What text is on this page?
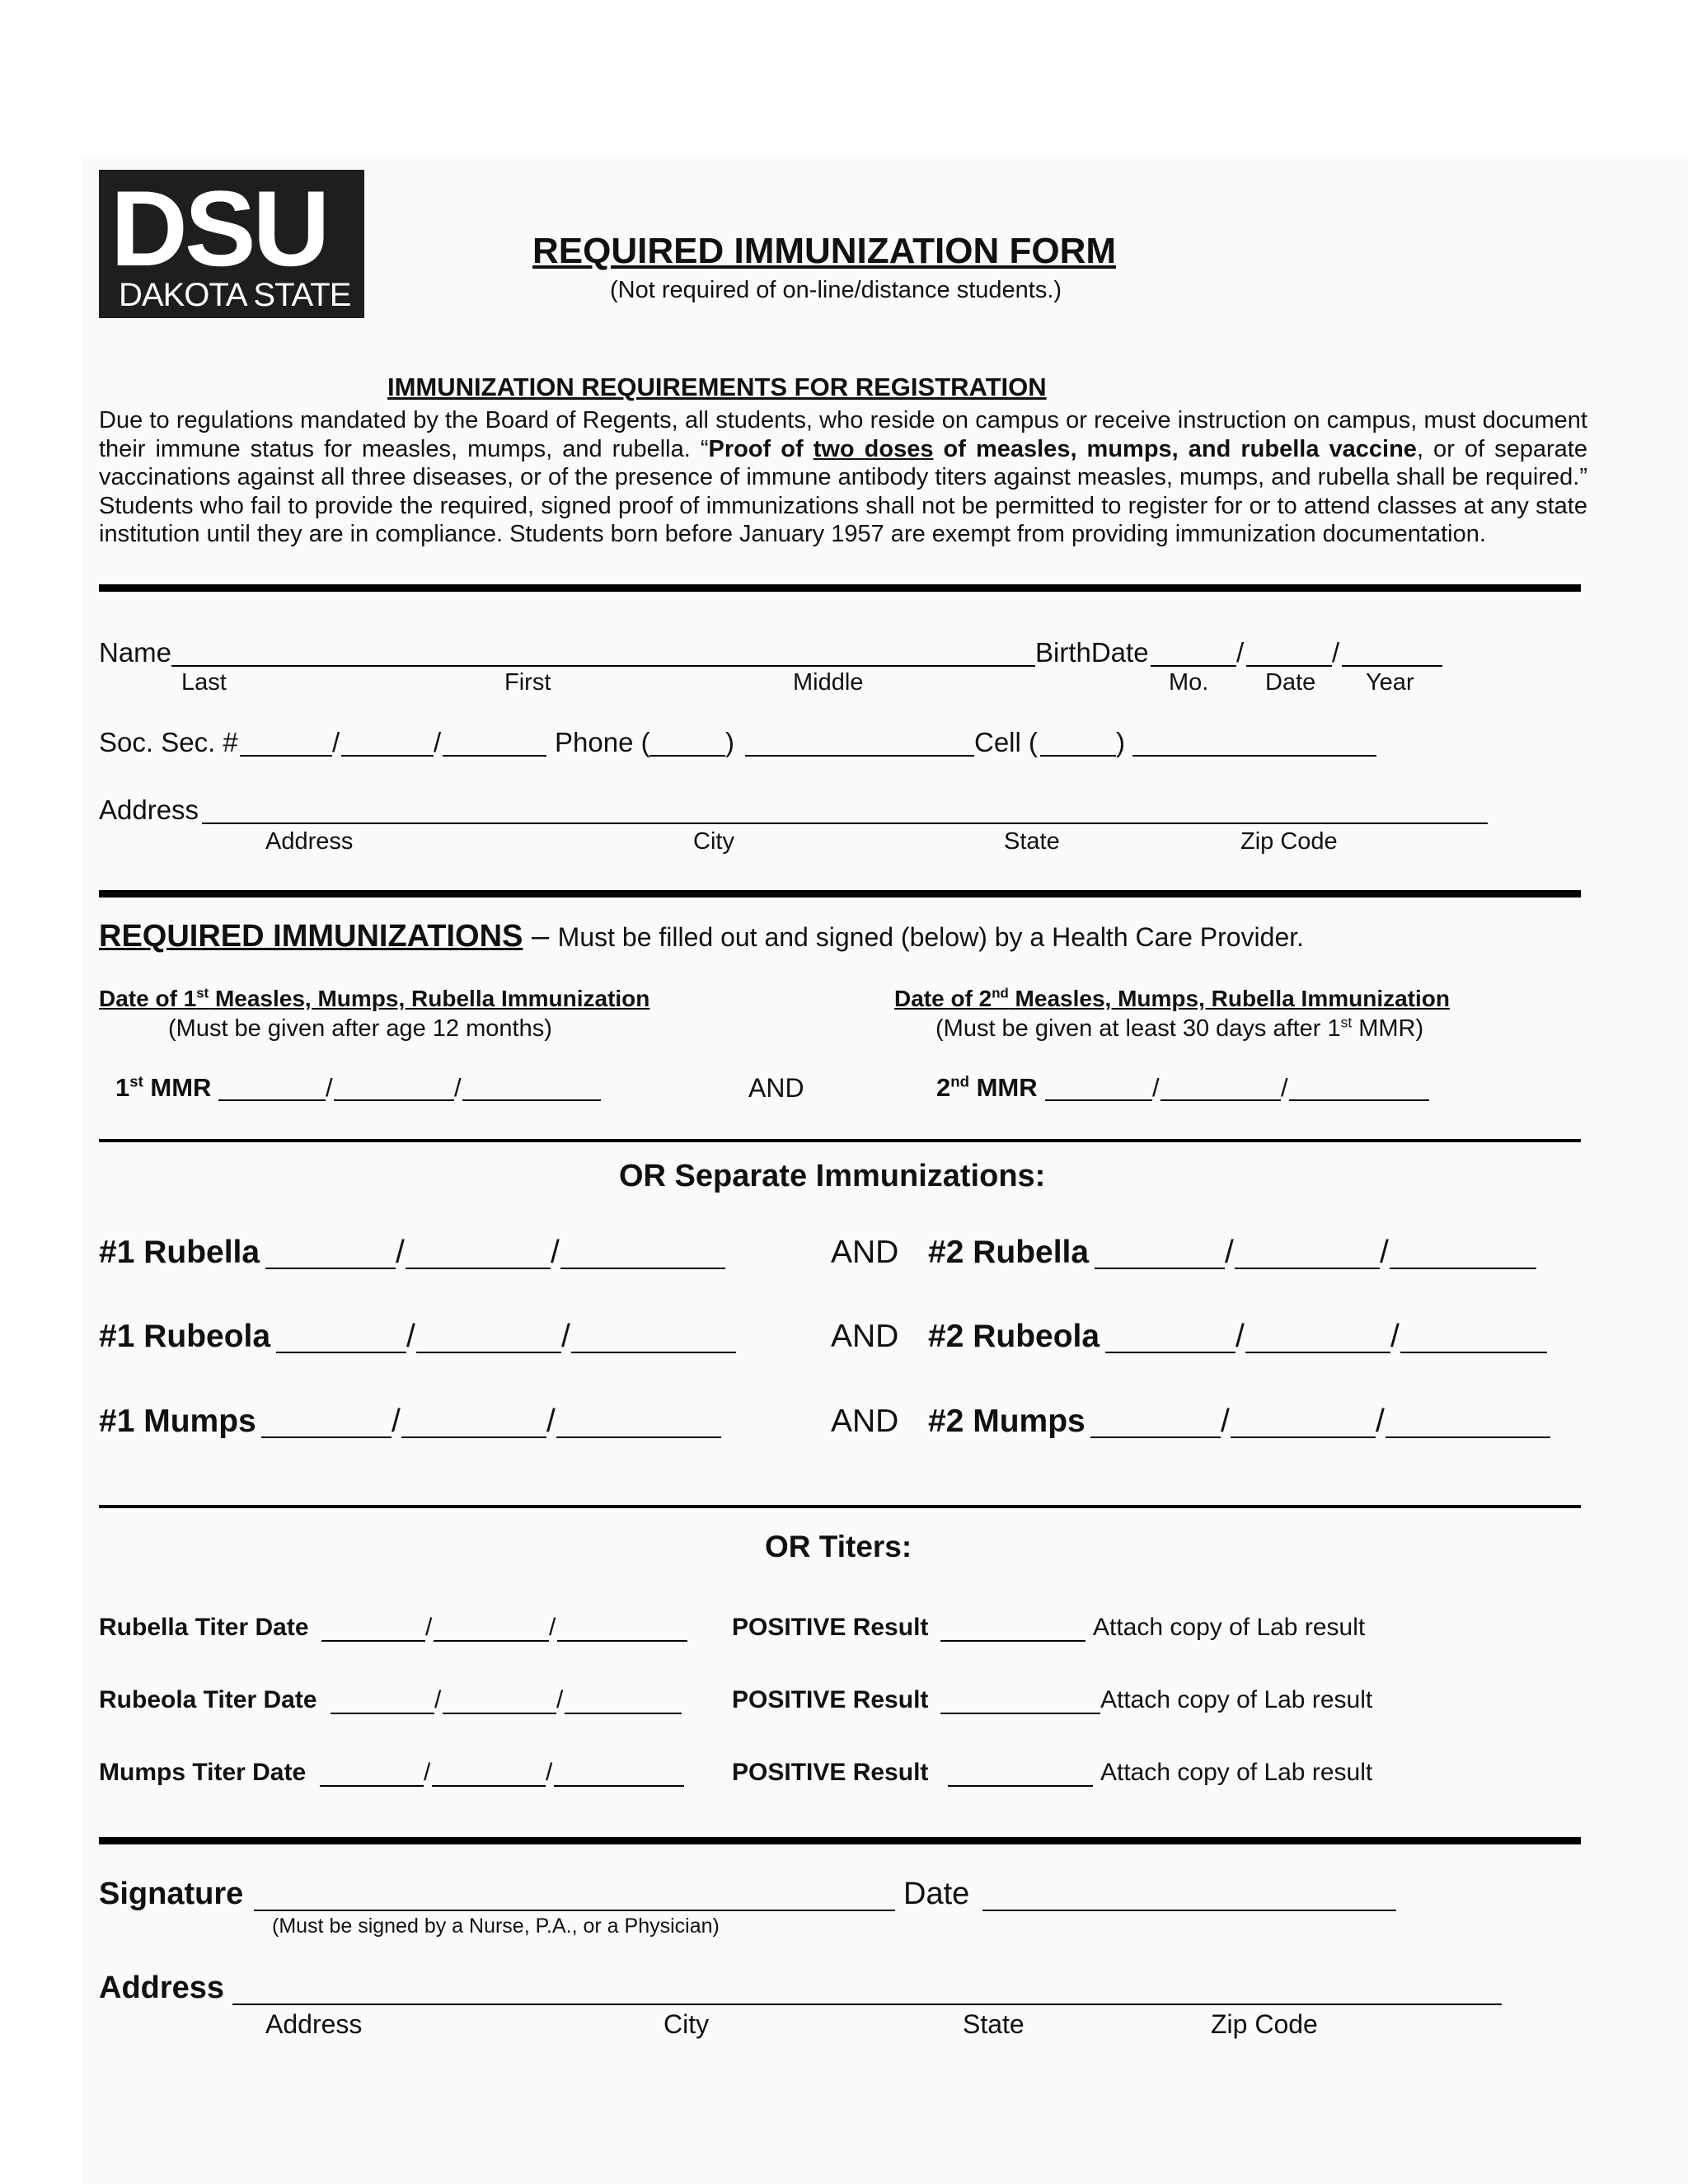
DSU
DAKOTA STATE
REQUIRED IMMUNIZATION FORM
(Not required of on-line/distance students.)
IMMUNIZATION REQUIREMENTS FOR REGISTRATION
Due to regulations mandated by the Board of Regents, all students, who reside on campus or receive instruction on campus, must document their immune status for measles, mumps, and rubella. “Proof of two doses of measles, mumps, and rubella vaccine, or of separate vaccinations against all three diseases, or of the presence of immune antibody titers against measles, mumps, and rubella shall be required.” Students who fail to provide the required, signed proof of immunizations shall not be permitted to register for or to attend classes at any state institution until they are in compliance. Students born before January 1957 are exempt from providing immunization documentation.
Name	BirthDate	/	/
Last	First	Middle	Mo. Date Year
Soc. Sec. #	/	/	Phone (	)	Cell (	)
Address
Address	City	State	Zip Code
REQUIRED IMMUNIZATIONS – Must be filled out and signed (below) by a Health Care Provider.
Date of 1st Measles, Mumps, Rubella Immunization
(Must be given after age 12 months)
Date of 2nd Measles, Mumps, Rubella Immunization
(Must be given at least 30 days after 1st MMR)
1st MMR	/	/	AND	2nd MMR	/	/
OR Separate Immunizations:
#1 Rubella	/	/	AND #2 Rubella	/	/
#1 Rubeola	/	/	AND #2 Rubeola	/	/
#1 Mumps	/	/	AND #2 Mumps	/	/
OR Titers:
Rubella Titer Date	/	/	POSITIVE Result	Attach copy of Lab result
Rubeola Titer Date	/	/	POSITIVE Result	Attach copy of Lab result
Mumps Titer Date	/	/	POSITIVE Result	Attach copy of Lab result
Signature	Date
(Must be signed by a Nurse, P.A., or a Physician)
Address
Address	City	State	Zip Code
